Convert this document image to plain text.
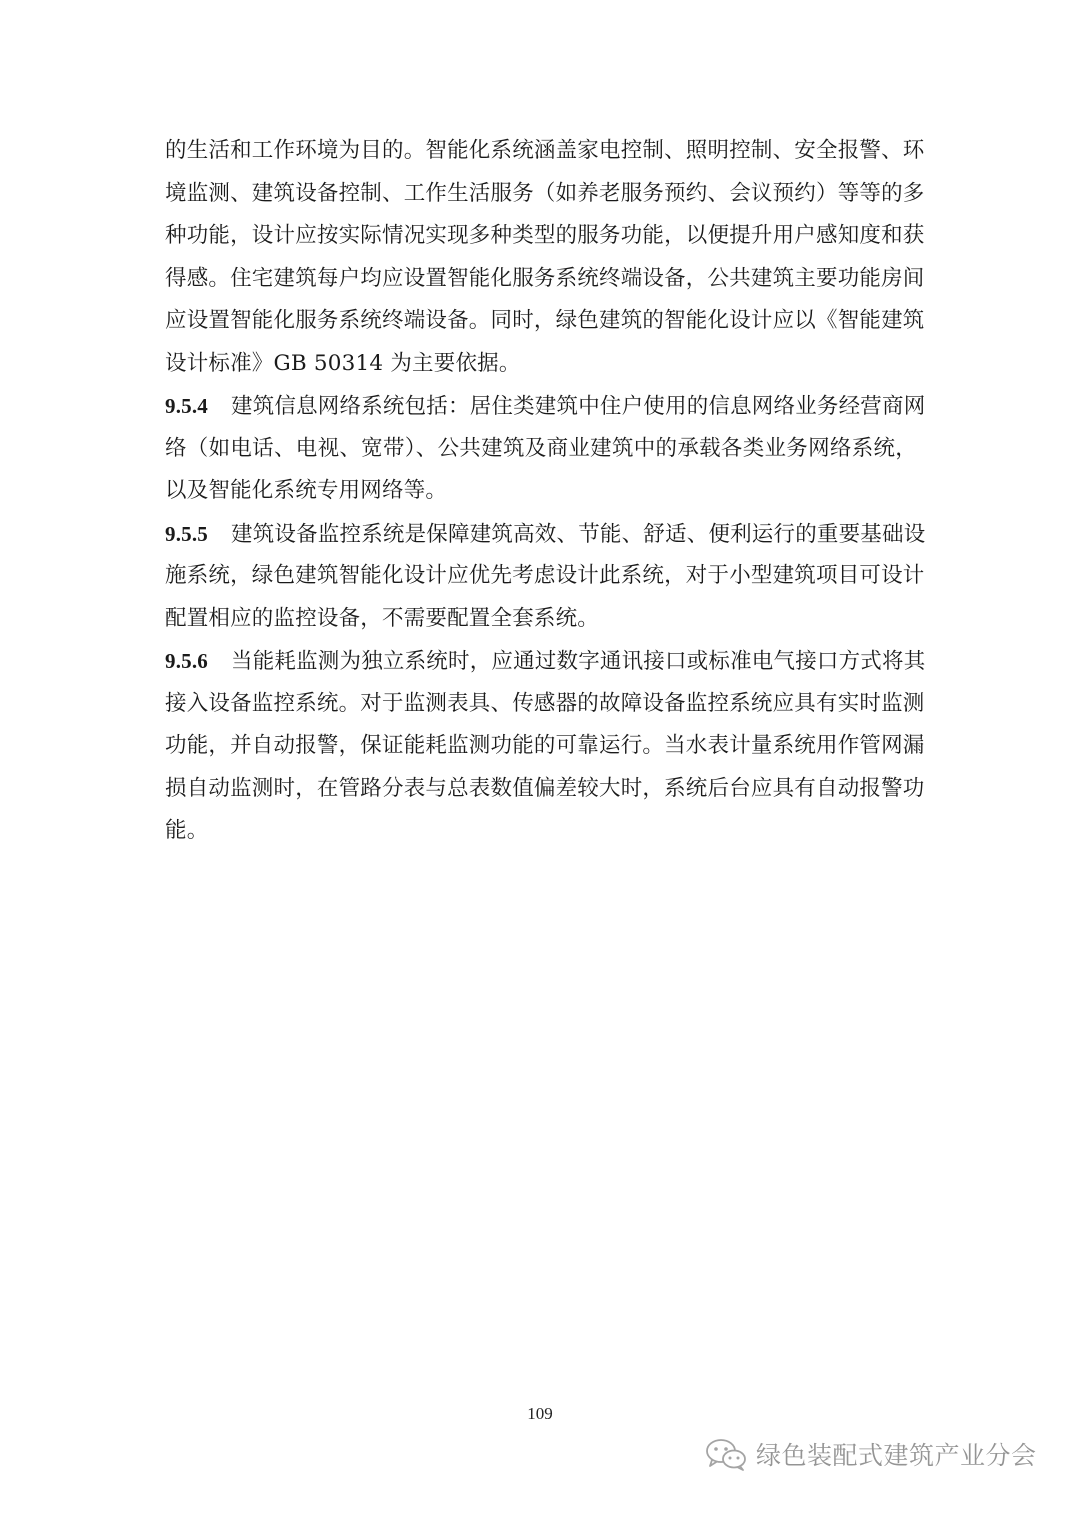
的生活和工作环境为目的。智能化系统涵盖家电控制、照明控制、安全报警、环
境监测、建筑设备控制、工作生活服务（如养老服务预约、会议预约）等等的多
种功能，设计应按实际情况实现多种类型的服务功能，以便提升用户感知度和获
得感。住宅建筑每户均应设置智能化服务系统终端设备，公共建筑主要功能房间
应设置智能化服务系统终端设备。同时，绿色建筑的智能化设计应以《智能建筑
设计标准》GB 50314 为主要依据。
9.5.4 建筑信息网络系统包括：居住类建筑中住户使用的信息网络业务经营商网
络（如电话、电视、宽带）、公共建筑及商业建筑中的承载各类业务网络系统，
以及智能化系统专用网络等。
9.5.5 建筑设备监控系统是保障建筑高效、节能、舒适、便利运行的重要基础设
施系统，绿色建筑智能化设计应优先考虑设计此系统，对于小型建筑项目可设计
配置相应的监控设备，不需要配置全套系统。
9.5.6 当能耗监测为独立系统时，应通过数字通讯接口或标准电气接口方式将其
接入设备监控系统。对于监测表具、传感器的故障设备监控系统应具有实时监测
功能，并自动报警，保证能耗监测功能的可靠运行。当水表计量系统用作管网漏
损自动监测时，在管路分表与总表数值偏差较大时，系统后台应具有自动报警功
能。
109
绿色装配式建筑产业分会
